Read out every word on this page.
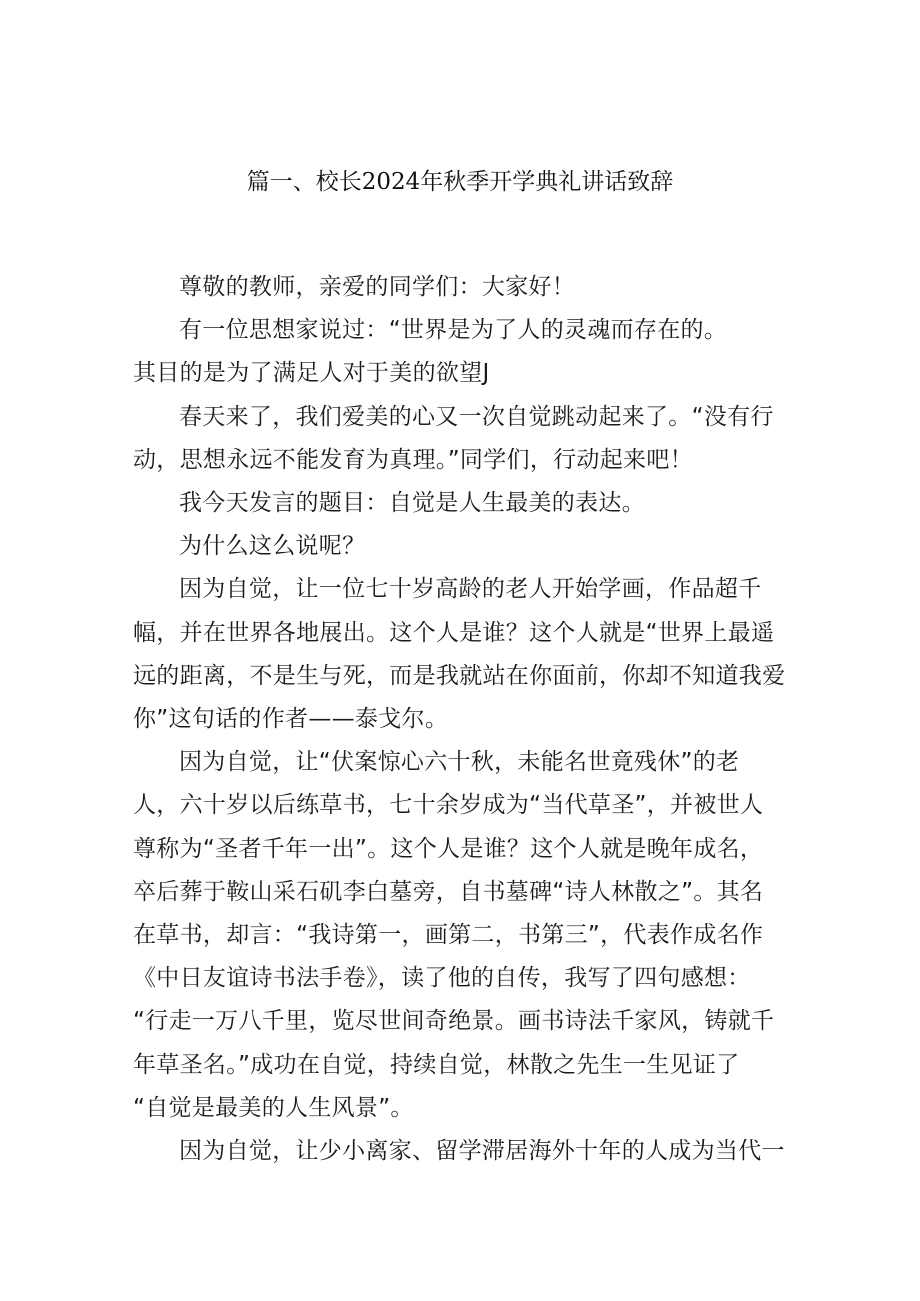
篇一、校长2024年秋季开学典礼讲话致辞

尊敬的教师，亲爱的同学们：大家好！

有一位思想家说过：“世界是为了人的灵魂而存在的。

其目的是为了满足人对于美的欲望J

春天来了，我们爱美的心又一次自觉跳动起来了。“没有行
动，思想永远不能发育为真理。”同学们，行动起来吧！

我今天发言的题目：自觉是人生最美的表达。

为什么这么说呢？

因为自觉，让一位七十岁高龄的老人开始学画，作品超千
幅，并在世界各地展出。这个人是谁？这个人就是“世界上最遥
远的距离，不是生与死，而是我就站在你面前，你却不知道我爱
你”这句话的作者——泰戈尔。

因为自觉，让“伏案惊心六十秋，未能名世竟残休”的老
人，六十岁以后练草书，七十余岁成为“当代草圣”，并被世人
尊称为“圣者千年一出”。这个人是谁？这个人就是晚年成名，
卒后葬于鞍山采石矶李白墓旁，自书墓碑“诗人林散之”。其名
在草书，却言：“我诗第一，画第二，书第三”，代表作成名作
《中日友谊诗书法手卷》，读了他的自传，我写了四句感想：
“行走一万八千里，览尽世间奇绝景。画书诗法千家风，铸就千
年草圣名。”成功在自觉，持续自觉，林散之先生一生见证了
“自觉是最美的人生风景”。

因为自觉，让少小离家、留学滞居海外十年的人成为当代一
